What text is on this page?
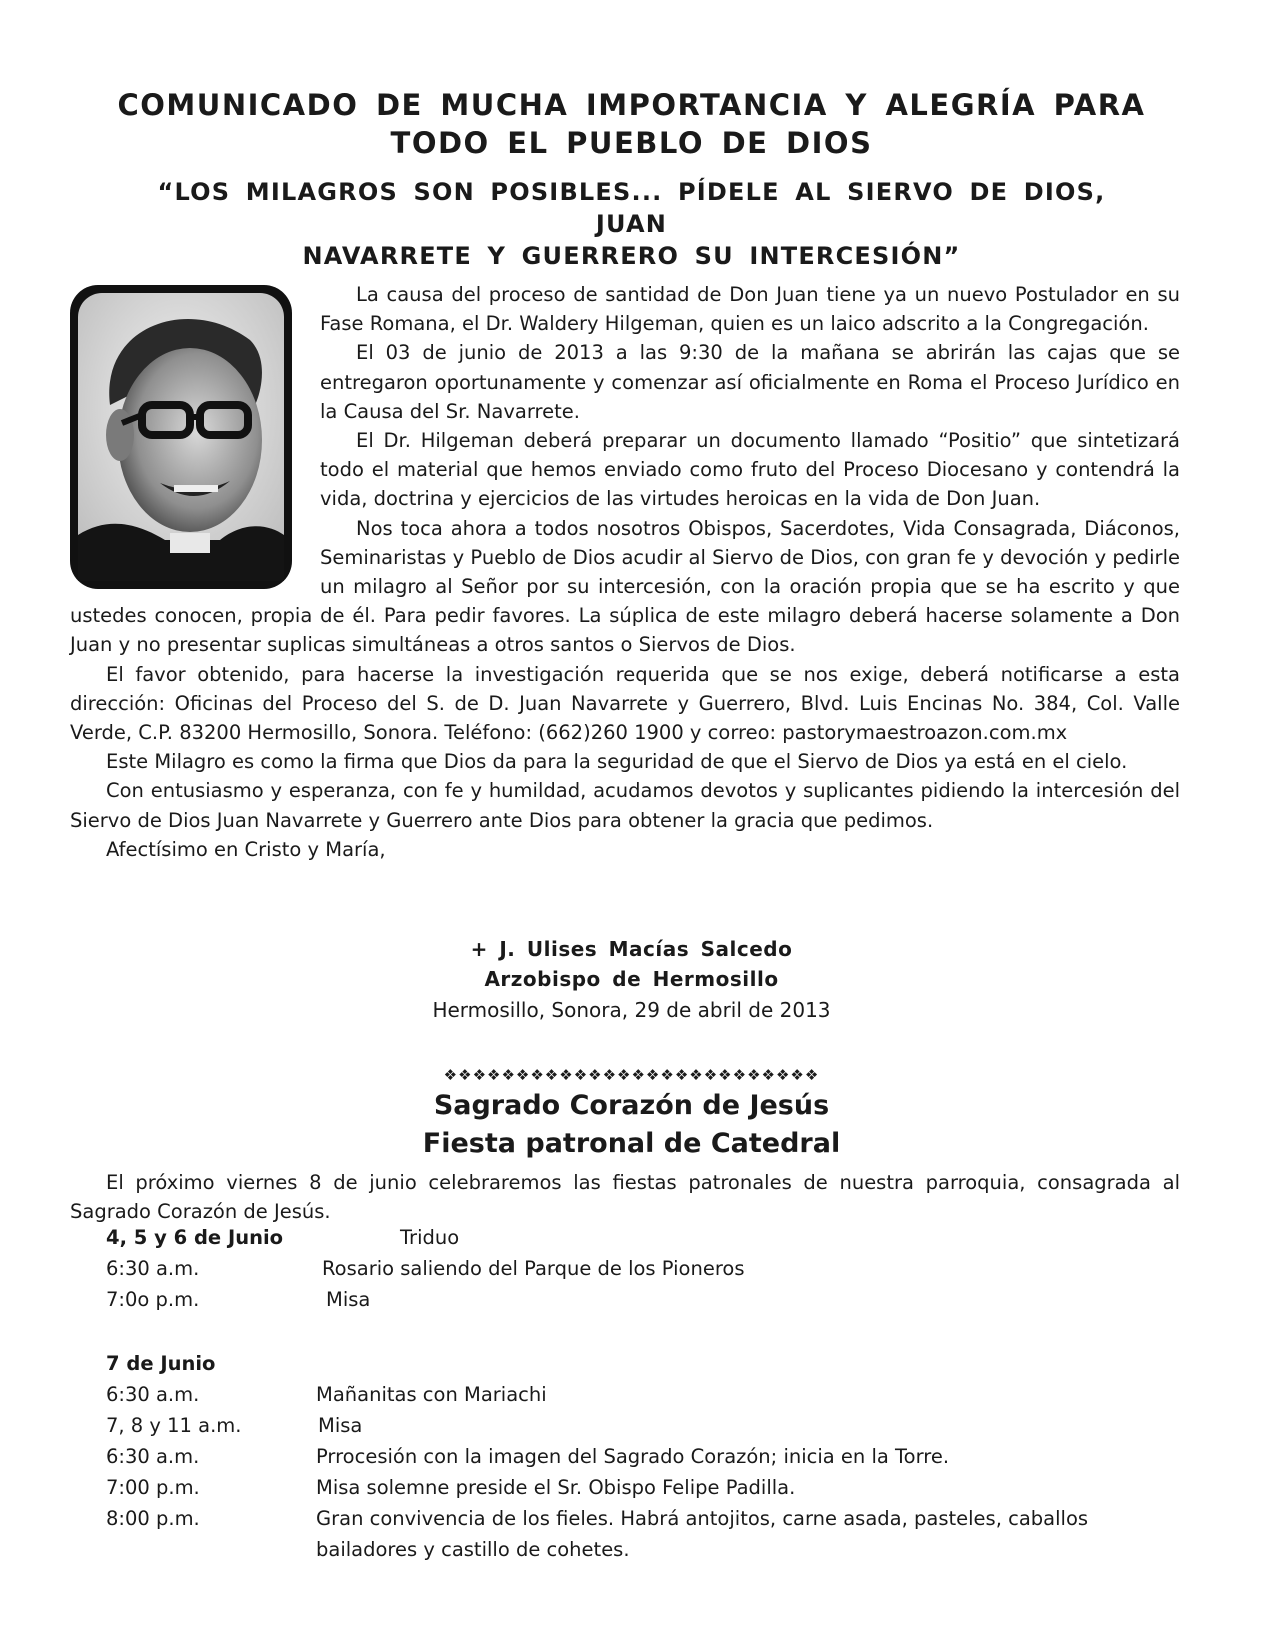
COMUNICADO DE MUCHA IMPORTANCIA Y ALEGRÍA PARA
TODO EL PUEBLO DE DIOS
“LOS MILAGROS SON POSIBLES... PÍDELE AL SIERVO DE DIOS, JUAN
NAVARRETE Y GUERRERO SU INTERCESIÓN”

La causa del proceso de santidad de Don Juan tiene ya un nuevo Postulador en su Fase Romana, el Dr. Waldery Hilgeman, quien es un laico adscrito a la Congregación.

El 03 de junio de 2013 a las 9:30 de la mañana se abrirán las cajas que se entregaron oportunamente y comenzar así oficialmente en Roma el Proceso Jurídico en la Causa del Sr. Navarrete.

El Dr. Hilgeman deberá preparar un documento llamado “Positio” que sintetizará todo el material que hemos enviado como fruto del Proceso Diocesano y contendrá la vida, doctrina y ejercicios de las virtudes heroicas en la vida de Don Juan.

Nos toca ahora a todos nosotros Obispos, Sacerdotes, Vida Consagrada, Diáconos, Seminaristas y Pueblo de Dios acudir al Siervo de Dios, con gran fe y devoción y pedirle un milagro al Señor por su intercesión, con la oración propia que se ha escrito y que ustedes conocen, propia de él. Para pedir favores. La súplica de este milagro deberá hacerse solamente a Don Juan y no presentar suplicas simultáneas a otros santos o Siervos de Dios.

El favor obtenido, para hacerse la investigación requerida que se nos exige, deberá notificarse a esta dirección: Oficinas del Proceso del S. de D. Juan Navarrete y Guerrero, Blvd. Luis Encinas No. 384, Col. Valle Verde, C.P. 83200 Hermosillo, Sonora. Teléfono: (662)260 1900 y correo: pastorymaestroazon.com.mx

Este Milagro es como la firma que Dios da para la seguridad de que el Siervo de Dios ya está en el cielo.

Con entusiasmo y esperanza, con fe y humildad, acudamos devotos y suplicantes pidiendo la intercesión del Siervo de Dios Juan Navarrete y Guerrero ante Dios para obtener la gracia que pedimos.

Afectísimo en Cristo y María,

+ J. Ulises Macías Salcedo
Arzobispo de Hermosillo
Hermosillo, Sonora, 29 de abril de 2013
❖❖❖❖❖❖❖❖❖❖❖❖❖❖❖❖❖❖❖❖❖❖❖❖❖❖
Sagrado Corazón de Jesús
Fiesta patronal de Catedral

El próximo viernes 8 de junio celebraremos las fiestas patronales de nuestra parroquia, consagrada al Sagrado Corazón de Jesús.

4, 5 y 6 de Junio	Triduo
6:30 a.m.	Rosario saliendo del Parque de los Pioneros
7:0o p.m.	Misa
7 de Junio
6:30 a.m.	Mañanitas con Mariachi
7, 8 y 11 a.m.	Misa
6:30 a.m.	Prrocesión con la imagen del Sagrado Corazón; inicia en la Torre.
7:00 p.m.	Misa solemne preside el Sr. Obispo Felipe Padilla.
8:00 p.m.	Gran convivencia de los fieles. Habrá antojitos, carne asada, pasteles, caballos
bailadores y castillo de cohetes.
